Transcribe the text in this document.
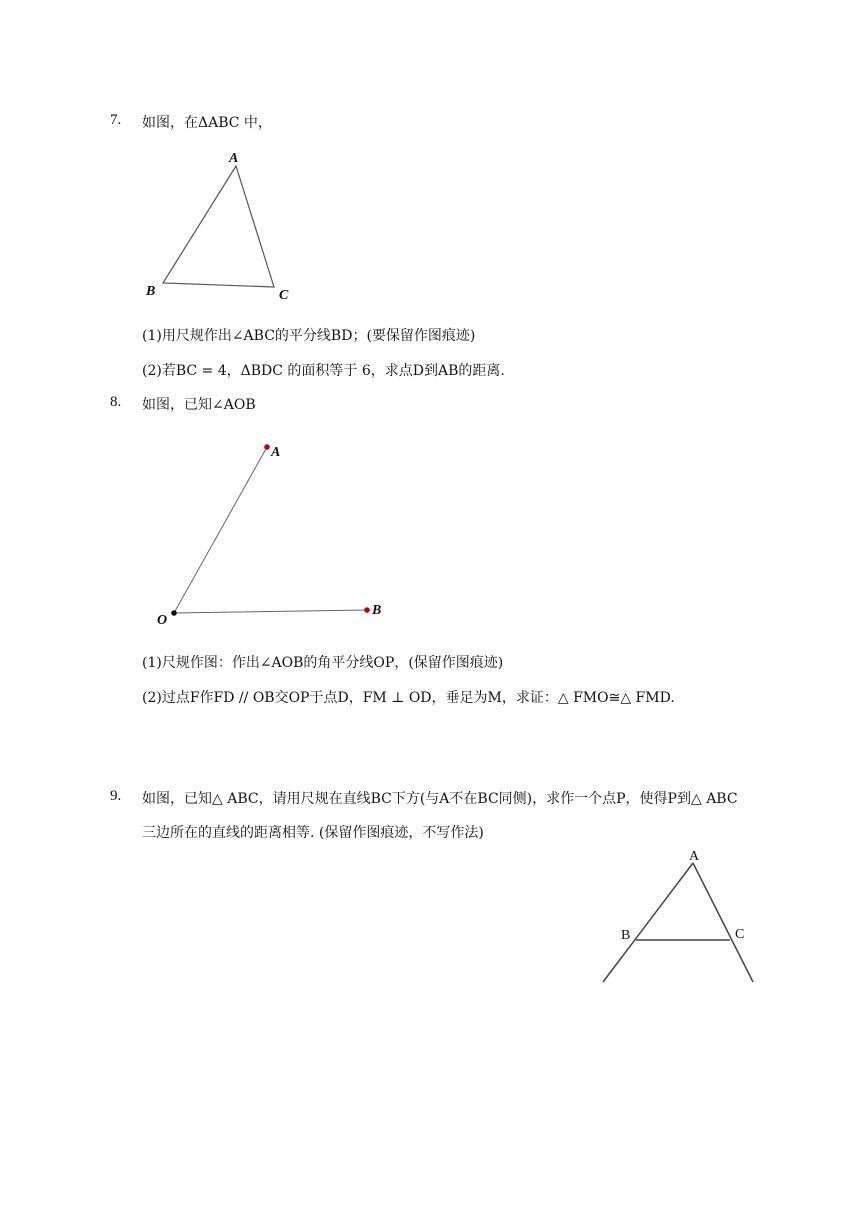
7. 如图，在ΔABC 中，
A
B	C
(1)用尺规作出∠ABC的平分线BD；(要保留作图痕迹)
(2)若BC = 4，ΔBDC 的面积等于 6，求点D到AB的距离.
8. 如图，已知∠AOB
A
B
O
(1)尺规作图：作出∠AOB的角平分线OP，(保留作图痕迹)
(2)过点F作FD // OB交OP于点D，FM ⊥ OD，垂足为M，求证：△ FMO≅△ FMD.
9. 如图，已知△ ABC，请用尺规在直线BC下方(与A不在BC同侧)，求作一个点P，使得P到△ ABC
三边所在的直线的距离相等. (保留作图痕迹，不写作法)
A
B	C
